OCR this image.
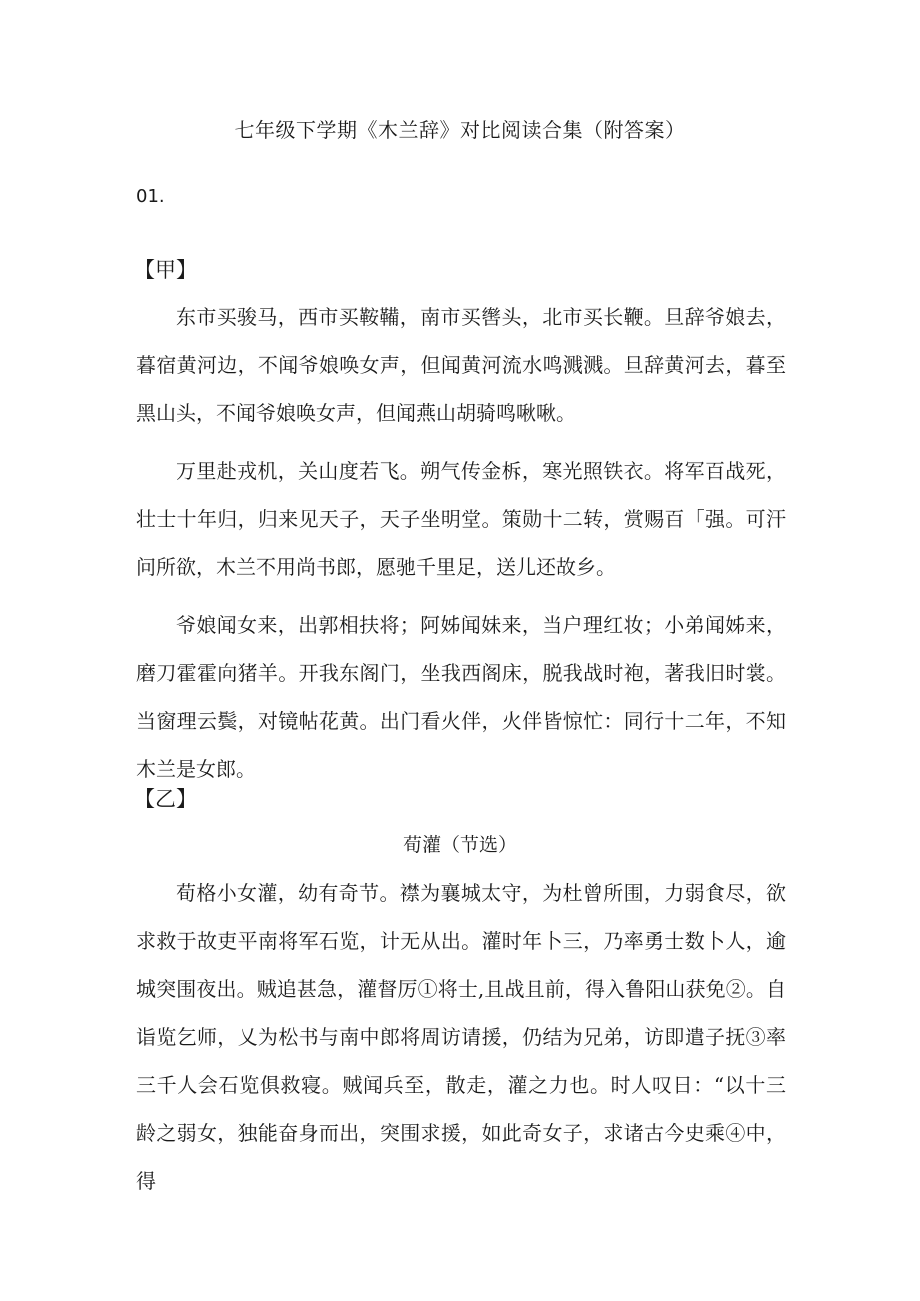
七年级下学期《木兰辞》对比阅读合集（附答案）
01.
【甲】

东市买骏马，西市买鞍鞴，南市买辔头，北市买长鞭。旦辞爷娘去，暮宿黄河边，不闻爷娘唤女声，但闻黄河流水鸣溅溅。旦辞黄河去，暮至黑山头，不闻爷娘唤女声，但闻燕山胡骑鸣啾啾。

万里赴戎机，关山度若飞。朔气传金柝，寒光照铁衣。将军百战死，壮士十年归，归来见天子，天子坐明堂。策勋十二转，赏赐百「强。可汗问所欲，木兰不用尚书郎，愿驰千里足，送儿还故乡。

爷娘闻女来，出郭相扶将；阿姊闻妹来，当户理红妆；小弟闻姊来，磨刀霍霍向猪羊。开我东阁门，坐我西阁床，脱我战时袍，著我旧时裳。当窗理云鬓，对镜帖花黄。出门看火伴，火伴皆惊忙：同行十二年，不知木兰是女郎。

【乙】
荀灌（节选）

荀格小女灌，幼有奇节。襟为襄城太守，为杜曾所围，力弱食尽，欲求救于故吏平南将军石览，计无从出。灌时年卜三，乃率勇士数卜人，逾城突围夜出。贼追甚急，灌督厉①将士,且战且前，得入鲁阳山获免②。自诣览乞师，乂为松书与南中郎将周访请援，仍结为兄弟，访即遣子抚③率三千人会石览俱救寝。贼闻兵至，散走，灌之力也。时人叹日：“以十三龄之弱女，独能奋身而出，突围求援，如此奇女子，求诸古今史乘④中，得
